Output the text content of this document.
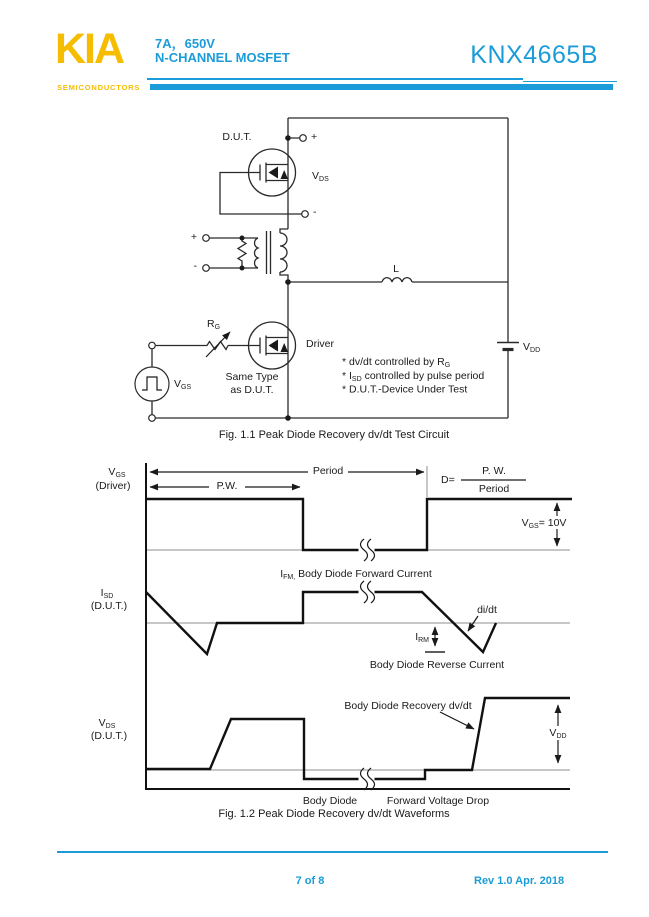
KIA
SEMICONDUCTORS
7A，650V
N-CHANNEL MOSFET	KNX4665B
D.U.T.	+
$V_{DS}$
-
+
-	L
$R_G$
Driver
Same Type
as D.U.T.
$V_{GS}$
$V_{DD}$
* dv/dt controlled by $R_G$
* $I_{SD}$ controlled by pulse period
* D.U.T.-Device Under Test
Fig. 1.1 Peak Diode Recovery dv/dt Test Circuit
D=
P. W.
Period
Period
P.W.
$V_{GS}= 10V$
$V_{DD}$
$I_{FM,}$ Body Diode Forward Current
di/dt
$I_{RM}$
Body Diode Reverse Current
Body Diode Recovery dv/dt
Body Diode	Forward Voltage Drop
$V_{GS}$
(Driver)
$I_{SD}$
(D.U.T.)
$V_{DS}$
(D.U.T.)
Fig. 1.2 Peak Diode Recovery dv/dt Waveforms
7 of 8	Rev 1.0 Apr. 2018
